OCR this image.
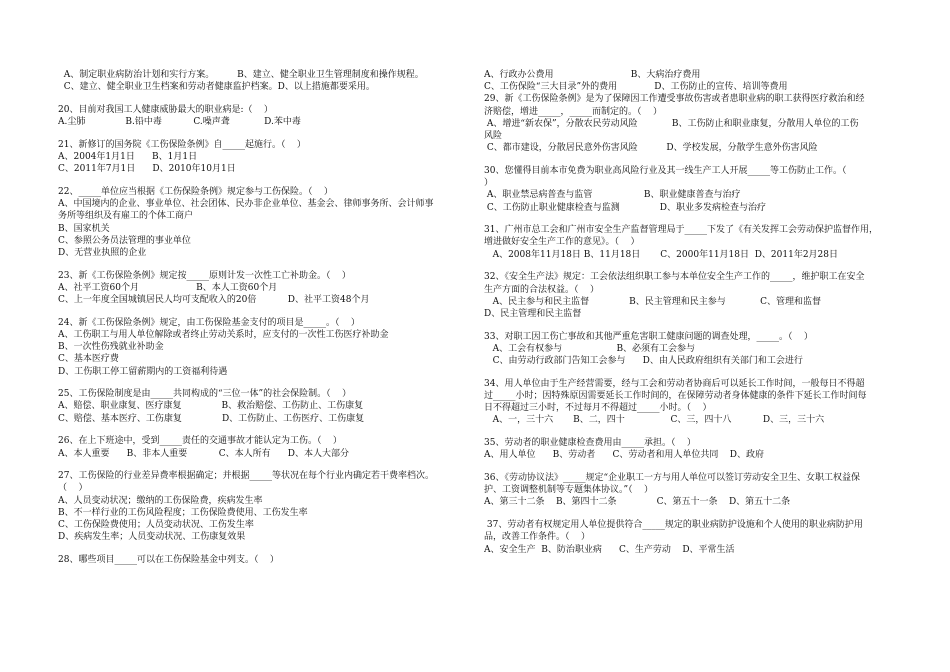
A、制定职业病防治计划和实行方案。        B、建立、健全职业卫生管理制度和操作规程。
C、建立、健全职业卫生档案和劳动者健康监护档案。D、以上措施都要采用。
20、目前对我国工人健康威胁最大的职业病是:（    ）
A.尘肺              B.铅中毒           C.噪声聋            D.苯中毒
21、新修订的国务院《工伤保险条例》自_____起施行。（    ）
A、2004年1月1日      B、1月1日
C、2011年7月1日      D、2010年10月1日
22、_____单位应当根据《工伤保险条例》规定参与工伤保险。（    ）
A、中国境内的企业、事业单位、社会团体、民办非企业单位、基金会、律师事务所、会计师事
务所等组织及有雇工的个体工商户
B、国家机关
C、参照公务员法管理的事业单位
D、无营业执照的企业
23、新《工伤保险条例》规定按_____原则计发一次性工亡补助金。（    ）
A、社平工资60个月                    B、本人工资60个月
C、上一年度全国城镇居民人均可支配收入的20倍           D、社平工资48个月
24、新《工伤保险条例》规定，由工伤保险基金支付的项目是_____。（    ）
A、工伤职工与用人单位解除或者终止劳动关系时，应支付的一次性工伤医疗补助金
B、一次性伤残就业补助金
C、基本医疗费
D、工伤职工停工留薪期内的工资福利待遇
25、工伤保险制度是由_____共同构成的“三位一体”的社会保险制。（    ）
A、赔偿、职业康复、医疗康复              B、救治赔偿、工伤防止、工伤康复
C、赔偿、基本医疗、工伤康复              D、工伤防止、工伤医疗、工伤康复
26、在上下班途中，受到_____责任的交通事故才能认定为工伤。（    ）
A、本人重要      B、非本人重要           C、本人所有      D、本人大部分
27、工伤保险的行业差异费率根据确定；并根据_____等状况在每个行业内确定若干费率档次。
（    ）
A、人员变动状况；缴纳的工伤保险费，疾病发生率
B、不一样行业的工伤风险程度；工伤保险费使用、工伤发生率
C、工伤保险费使用；人员变动状况、工伤发生率
D、疾病发生率；人员变动状况、工伤康复效果
28、哪些项目_____可以在工伤保险基金中列支。（    ）
A、行政办公费用                           B、大病治疗费用
C、工伤保险“三大目录”外的费用             D、工伤防止的宣传、培训等费用
29、新《工伤保险条例》是为了保障因工作遭受事故伤害或者患职业病的职工获得医疗救治和经
济赔偿，增进_____，_____而制定的。（    ）
A、增进“新农保”，分散农民劳动风险            B、工伤防止和职业康复，分散用人单位的工伤
风险
C、都市建设，分散居民意外伤害风险          D、学校发展，分散学生意外伤害风险
30、您懂得目前本市免费为职业高风险行业及其一线生产工人开展_____等工伤防止工作。（
）
A、职业禁忌病普查与监管                  B、职业健康普查与治疗
C、工伤防止职业健康检查与监测              D、职业多发病检查与治疗
31、广州市总工会和广州市安全生产监督管理局于_____下发了《有关发挥工会劳动保护监督作用，
增进做好安全生产工作的意见》。（    ）
A、2008年11月18日 B、11月18日       C、2000年11月18日  D、2011年2月28日
32、《安全生产法》规定：工会依法组织职工参与本单位安全生产工作的_____，维护职工在安全
生产方面的合法权益。（    ）
A、民主参与和民主监督              B、民主管理和民主参与            C、管理和监督
D、民主管理和民主监督
33、对职工因工伤亡事故和其他严重危害职工健康问题的调查处理，_____。（    ）
A、工会有权参与                   B、必须有工会参与
C、由劳动行政部门告知工会参与      D、由人民政府组织有关部门和工会进行
34、用人单位由于生产经营需要，经与工会和劳动者协商后可以延长工作时间，一般每日不得超
过_____小时；因特殊原因需要延长工作时间的，在保障劳动者身体健康的条件下延长工作时间每
日不得超过三小时，不过每月不得超过_____小时。（    ）
A、一，三十六       B、二，四十                C、三，四十八           D、三，三十六
35、劳动者的职业健康检查费用由_____承担。（    ）
A、用人单位      B、劳动者      C、劳动者和用人单位共同    D、政府
36、《劳动协议法》_____规定“企业职工一方与用人单位可以签订劳动安全卫生、女职工权益保
护、工资调整机制等专题集体协议。”（    ）
A、第三十二条    B、第四十二条              C、第五十一条    D、第五十二条
37、劳动者有权规定用人单位提供符合_____规定的职业病防护设施和个人使用的职业病防护用
品，改善工作条件。（    ）
A、安全生产  B、防治职业病      C、生产劳动    D、平常生活
